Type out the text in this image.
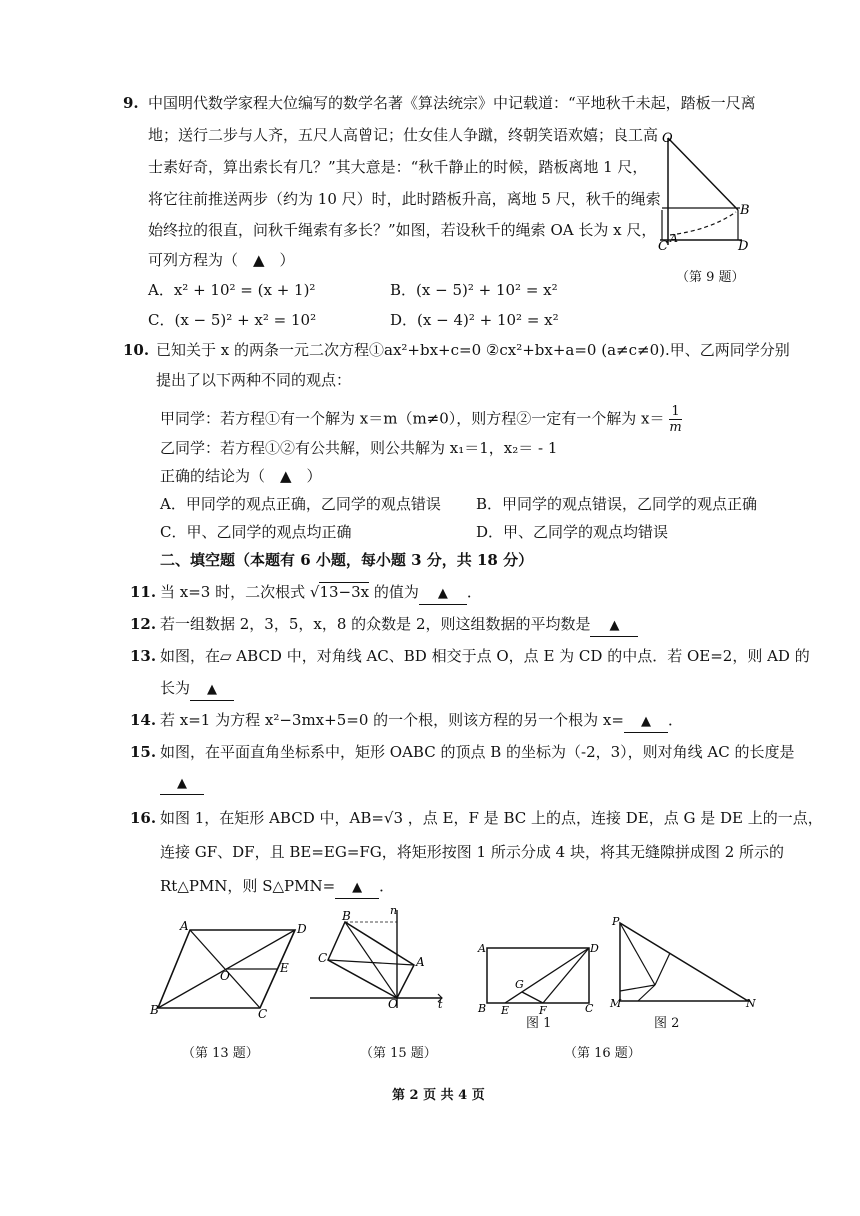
9. 中国明代数学家程大位编写的数学名著《算法统宗》中记载道：“平地秋千未起，踏板一尺离
地；送行二步与人齐，五尺人高曾记；仕女佳人争蹴，终朝笑语欢嬉；良工高
士素好奇，算出索长有几？”其大意是：“秋千静止的时候，踏板离地 1 尺，
将它往前推送两步（约为 10 尺）时，此时踏板升高，离地 5 尺，秋千的绳索
始终拉的很直，问秋千绳索有多长？”如图，若设秋千的绳索 OA 长为 x 尺，
可列方程为（　▲　）
A．x² + 10² = (x + 1)²	B．(x − 5)² + 10² = x²
C．(x − 5)² + x² = 10²	D．(x − 4)² + 10² = x²
O
B
C
A
D
（第 9 题）
10. 已知关于 x 的两条一元二次方程①ax²+bx+c=0 ②cx²+bx+a=0 (a≠c≠0).甲、乙两同学分别
提出了以下两种不同的观点：
甲同学：若方程①有一个解为 x＝m（m≠0），则方程②一定有一个解为 $x= \frac{1}{m}$
乙同学：若方程①②有公共解，则公共解为 x₁＝1，x₂＝ - 1
正确的结论为（　▲　）
A．甲同学的观点正确，乙同学的观点错误 B．甲同学的观点错误，乙同学的观点正确
C．甲、乙同学的观点均正确	D．甲、乙同学的观点均错误
二、填空题（本题有 6 小题，每小题 3 分，共 18 分）
11. 当 x=3 时，二次根式 √13−3x 的值为 ▲ ．
12. 若一组数据 2，3，5，x，8 的众数是 2，则这组数据的平均数是 ▲
13. 如图，在▱ ABCD 中，对角线 AC、BD 相交于点 O，点 E 为 CD 的中点．若 OE=2，则 AD 的
长为 ▲
14. 若 x=1 为方程 x²−3mx+5=0 的一个根，则该方程的另一个根为 x= ▲ ．
15. 如图，在平面直角坐标系中，矩形 OABC 的顶点 B 的坐标为（-2，3），则对角线 AC 的长度是
▲
16. 如图 1，在矩形 ABCD 中，AB=√3 ，点 E，F 是 BC 上的点，连接 DE，点 G 是 DE 上的一点，
连接 GF、DF，且 BE=EG=FG，将矩形按图 1 所示分成 4 块，将其无缝隙拼成图 2 所示的
Rt△PMN，则 S△PMN= ▲ ．
A	D
O
E
B	C
（第 13 题）
n
t
B
C	A
O
（第 15 题）
A	D
G
B E	F	C
图 1
P
M	N
图 2
（第 16 题）
第 2 页 共 4 页
